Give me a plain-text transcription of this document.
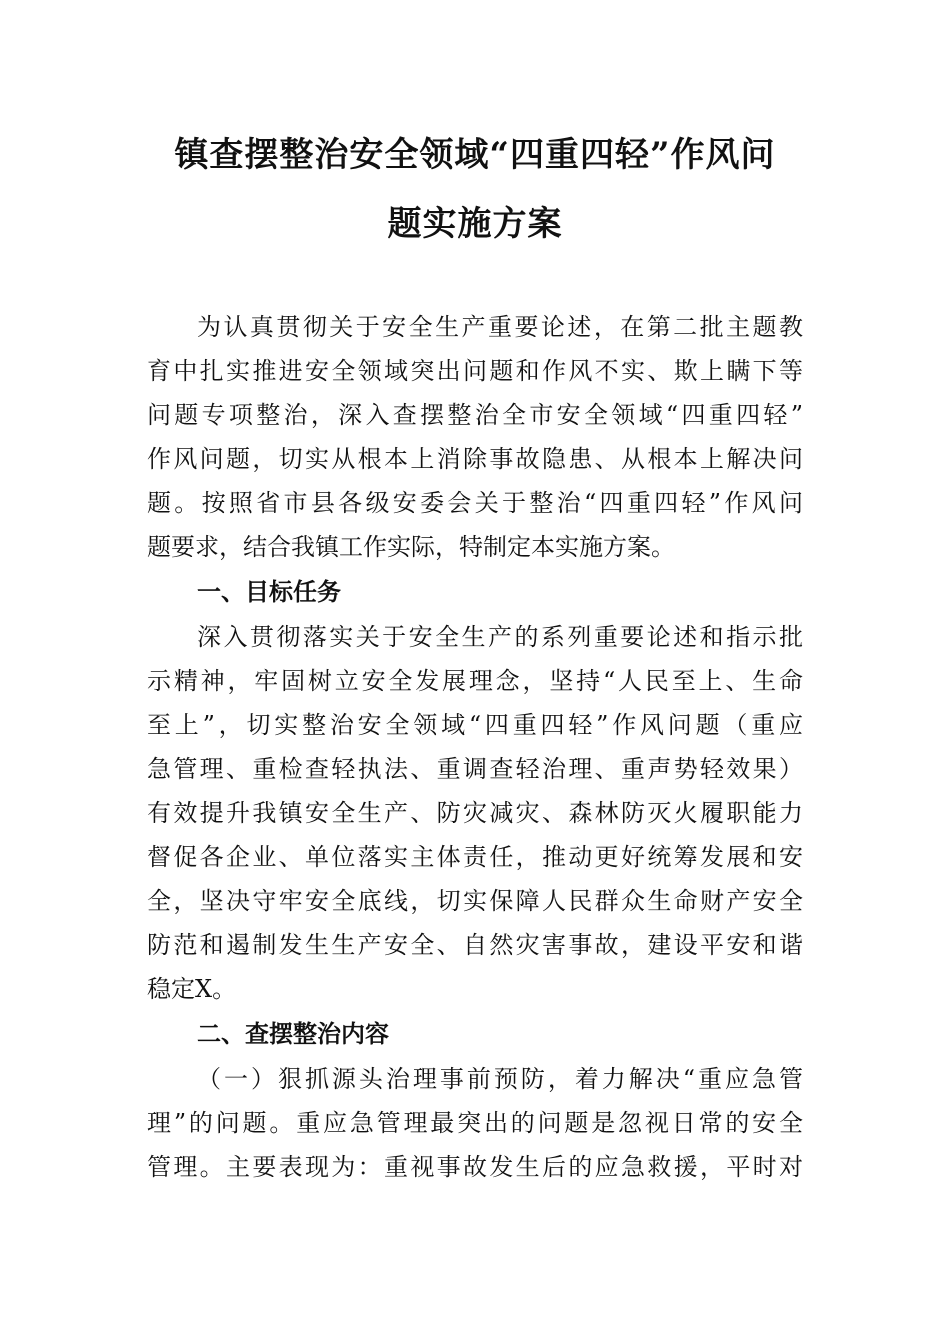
镇查摆整治安全领域“四重四轻”作风问
题实施方案
为认真贯彻关于安全生产重要论述，在第二批主题教
育中扎实推进安全领域突出问题和作风不实、欺上瞒下等
问题专项整治，深入查摆整治全市安全领域“四重四轻”
作风问题，切实从根本上消除事故隐患、从根本上解决问
题。按照省市县各级安委会关于整治“四重四轻”作风问
题要求，结合我镇工作实际，特制定本实施方案。
一、目标任务
深入贯彻落实关于安全生产的系列重要论述和指示批
示精神，牢固树立安全发展理念，坚持“人民至上、生命
至上”，切实整治安全领域“四重四轻”作风问题（重应
急管理、重检查轻执法、重调查轻治理、重声势轻效果）
有效提升我镇安全生产、防灾减灾、森林防灭火履职能力
督促各企业、单位落实主体责任，推动更好统筹发展和安
全，坚决守牢安全底线，切实保障人民群众生命财产安全
防范和遏制发生生产安全、自然灾害事故，建设平安和谐
稳定X。
二、查摆整治内容
（一）狠抓源头治理事前预防，着力解决“重应急管
理”的问题。重应急管理最突出的问题是忽视日常的安全
管理。主要表现为：重视事故发生后的应急救援，平时对
